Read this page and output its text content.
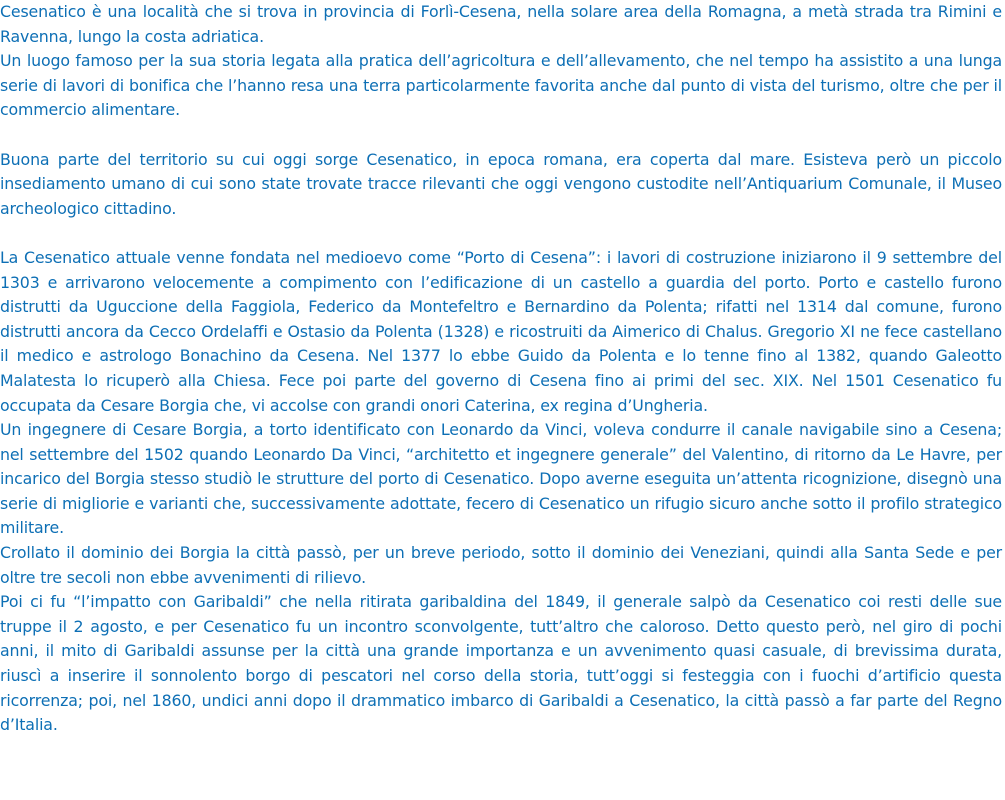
Cesenatico è una località che si trova in provincia di Forlì-Cesena, nella solare area della Romagna, a metà strada tra Rimini e Ravenna, lungo la costa adriatica.

Un luogo famoso per la sua storia legata alla pratica dell’agricoltura e dell’allevamento, che nel tempo ha assistito a una lunga serie di lavori di bonifica che l’hanno resa una terra particolarmente favorita anche dal punto di vista del turismo, oltre che per il commercio alimentare.

Buona parte del territorio su cui oggi sorge Cesenatico, in epoca romana, era coperta dal mare. Esisteva però un piccolo insediamento umano di cui sono state trovate tracce rilevanti che oggi vengono custodite nell’Antiquarium Comunale, il Museo archeologico cittadino.

La Cesenatico attuale venne fondata nel medioevo come “Porto di Cesena”: i lavori di costruzione iniziarono il 9 settembre del 1303 e arrivarono velocemente a compimento con l’edificazione di un castello a guardia del porto. Porto e castello furono distrutti da Uguccione della Faggiola, Federico da Montefeltro e Bernardino da Polenta; rifatti nel 1314 dal comune, furono distrutti ancora da Cecco Ordelaffi e Ostasio da Polenta (1328) e ricostruiti da Aimerico di Chalus. Gregorio XI ne fece castellano il medico e astrologo Bonachino da Cesena. Nel 1377 lo ebbe Guido da Polenta e lo tenne fino al 1382, quando Galeotto Malatesta lo ricuperò alla Chiesa. Fece poi parte del governo di Cesena fino ai primi del sec. XIX. Nel 1501 Cesenatico fu occupata da Cesare Borgia che, vi accolse con grandi onori Caterina, ex regina d’Ungheria.

Un ingegnere di Cesare Borgia, a torto identificato con Leonardo da Vinci, voleva condurre il canale navigabile sino a Cesena; nel settembre del 1502 quando Leonardo Da Vinci, “architetto et ingegnere generale” del Valentino, di ritorno da Le Havre, per incarico del Borgia stesso studiò le strutture del porto di Cesenatico. Dopo averne eseguita un’attenta ricognizione, disegnò una serie di migliorie e varianti che, successivamente adottate, fecero di Cesenatico un rifugio sicuro anche sotto il profilo strategico militare.

Crollato il dominio dei Borgia la città passò, per un breve periodo, sotto il dominio dei Veneziani, quindi alla Santa Sede e per oltre tre secoli non ebbe avvenimenti di rilievo.

Poi ci fu “l’impatto con Garibaldi” che nella ritirata garibaldina del 1849, il generale salpò da Cesenatico coi resti delle sue truppe il 2 agosto, e per Cesenatico fu un incontro sconvolgente, tutt’altro che caloroso. Detto questo però, nel giro di pochi anni, il mito di Garibaldi assunse per la città una grande importanza e un avvenimento quasi casuale, di brevissima durata, riuscì a inserire il sonnolento borgo di pescatori nel corso della storia, tutt’oggi si festeggia con i fuochi d’artificio questa ricorrenza; poi, nel 1860, undici anni dopo il drammatico imbarco di Garibaldi a Cesenatico, la città passò a far parte del Regno d’Italia.
